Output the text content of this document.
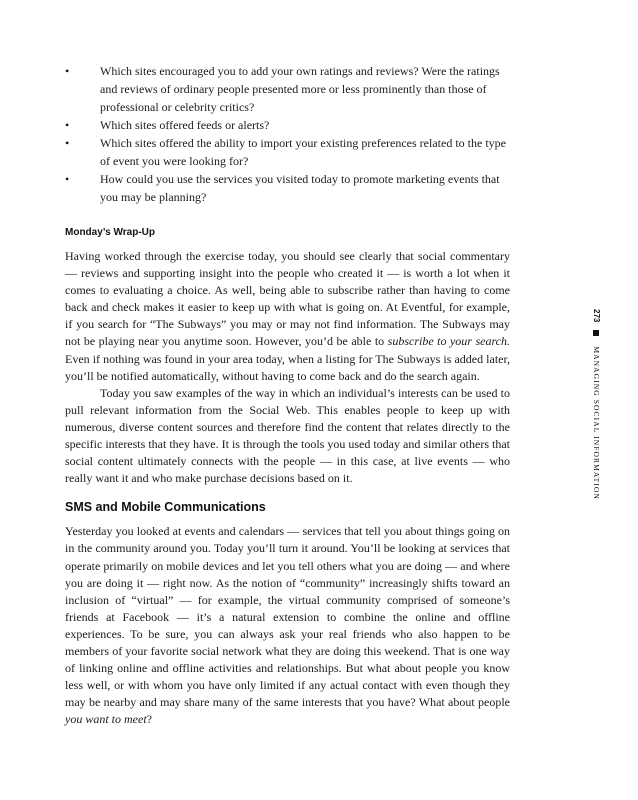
•	Which sites encouraged you to add your own ratings and reviews? Were the ratings and reviews of ordinary people presented more or less prominently than those of professional or celebrity critics?
•	Which sites offered feeds or alerts?
•	Which sites offered the ability to import your existing preferences related to the type of event you were looking for?
•	How could you use the services you visited today to promote marketing events that you may be planning?
Monday’s Wrap-Up

Having worked through the exercise today, you should see clearly that social commentary — reviews and supporting insight into the people who created it — is worth a lot when it comes to evaluating a choice. As well, being able to subscribe rather than having to come back and check makes it easier to keep up with what is going on. At Eventful, for example, if you search for “The Subways” you may or may not find information. The Subways may not be playing near you anytime soon. However, you’d be able to subscribe to your search. Even if nothing was found in your area today, when a listing for The Subways is added later, you’ll be notified automatically, without having to come back and do the search again.

Today you saw examples of the way in which an individual’s interests can be used to pull relevant information from the Social Web. This enables people to keep up with numerous, diverse content sources and therefore find the content that relates directly to the specific interests that they have. It is through the tools you used today and similar others that social content ultimately connects with the people — in this case, at live events — who really want it and who make purchase decisions based on it.

SMS and Mobile Communications

Yesterday you looked at events and calendars — services that tell you about things going on in the community around you. Today you’ll turn it around. You’ll be looking at services that operate primarily on mobile devices and let you tell others what you are doing — and where you are doing it — right now. As the notion of “community” increasingly shifts toward an inclusion of “virtual” — for example, the virtual community comprised of someone’s friends at Facebook — it’s a natural extension to combine the online and offline experiences. To be sure, you can always ask your real friends who also happen to be members of your favorite social network what they are doing this weekend. That is one way of linking online and offline activities and relationships. But what about people you know less well, or with whom you have only limited if any actual contact with even though they may be nearby and may share many of the same interests that you have? What about people you want to meet?

273  MANAGING SOCIAL INFORMATION
